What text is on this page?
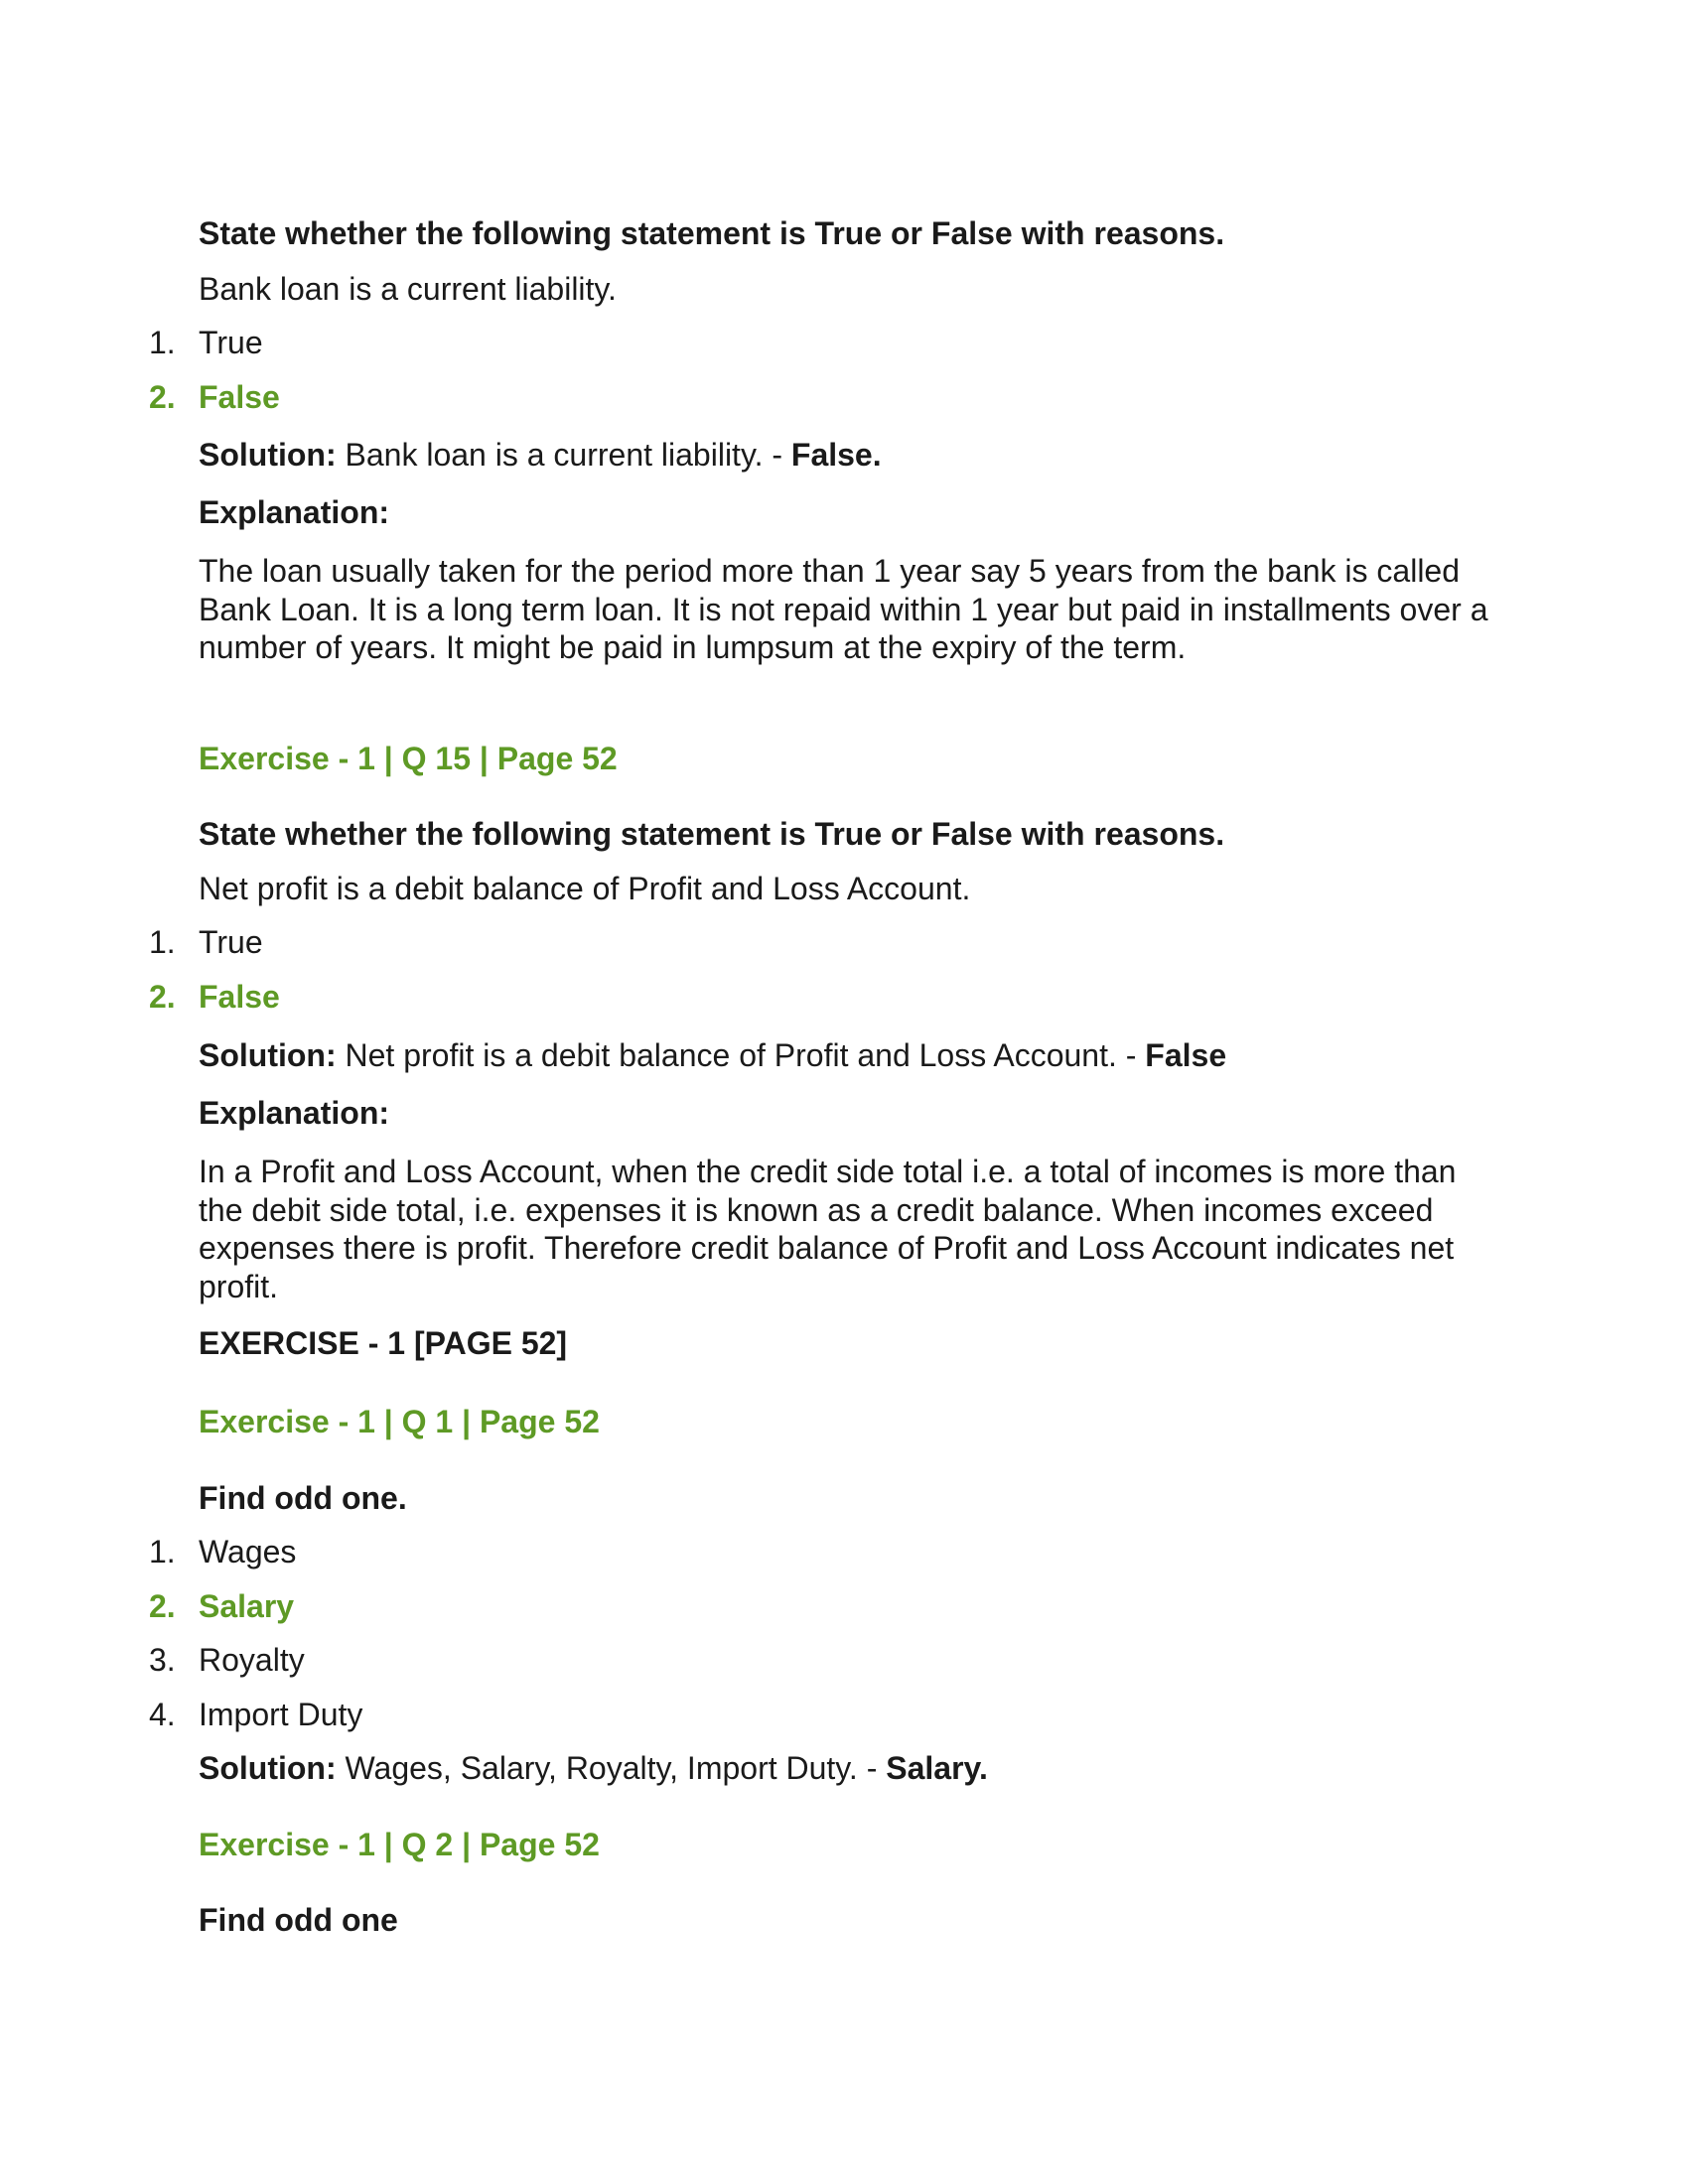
State whether the following statement is True or False with reasons.
Bank loan is a current liability.
1. True
2. False
Solution: Bank loan is a current liability. - False.
Explanation:
The loan usually taken for the period more than 1 year say 5 years from the bank is called Bank Loan. It is a long term loan. It is not repaid within 1 year but paid in installments over a number of years. It might be paid in lumpsum at the expiry of the term.
Exercise - 1 | Q 15 | Page 52
State whether the following statement is True or False with reasons.
Net profit is a debit balance of Profit and Loss Account.
1. True
2. False
Solution: Net profit is a debit balance of Profit and Loss Account. - False
Explanation:
In a Profit and Loss Account, when the credit side total i.e. a total of incomes is more than the debit side total, i.e. expenses it is known as a credit balance. When incomes exceed expenses there is profit. Therefore credit balance of Profit and Loss Account indicates net profit.
EXERCISE - 1 [PAGE 52]
Exercise - 1 | Q 1 | Page 52
Find odd one.
1. Wages
2. Salary
3. Royalty
4. Import Duty
Solution: Wages, Salary, Royalty, Import Duty. - Salary.
Exercise - 1 | Q 2 | Page 52
Find odd one
